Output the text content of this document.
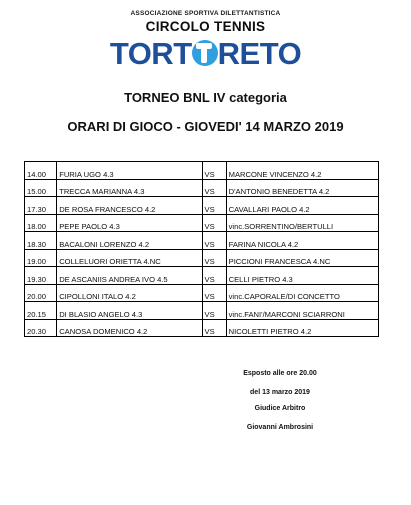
ASSOCIAZIONE SPORTIVA DILETTANTISTICA
CIRCOLO TENNIS
TORT RETO
TORNEO BNL IV categoria
ORARI DI GIOCO - GIOVEDI' 14 MARZO 2019
14.00	FURIA UGO 4.3	VS	MARCONE VINCENZO 4.2
15.00	TRECCA MARIANNA 4.3	VS	D'ANTONIO BENEDETTA 4.2
17.30	DE ROSA FRANCESCO 4.2	VS	CAVALLARI PAOLO 4.2
18.00	PEPE PAOLO 4.3	VS	vinc.SORRENTINO/BERTULLI
18.30	BACALONI LORENZO 4.2	VS	FARINA NICOLA 4.2
19.00	COLLELUORI ORIETTA 4.NC	VS	PICCIONI FRANCESCA 4.NC
19.30	DE ASCANIIS ANDREA IVO 4.5	VS	CELLI PIETRO 4.3
20.00	CIPOLLONI ITALO 4.2	VS	vinc.CAPORALE/DI CONCETTO
20.15	DI BLASIO ANGELO 4.3	VS	vinc.FANI'/MARCONI SCIARRONI
20.30	CANOSA DOMENICO 4.2	VS	NICOLETTI PIETRO 4.2
Esposto alle ore 20.00
del 13 marzo 2019
Giudice Arbitro
Giovanni Ambrosini
